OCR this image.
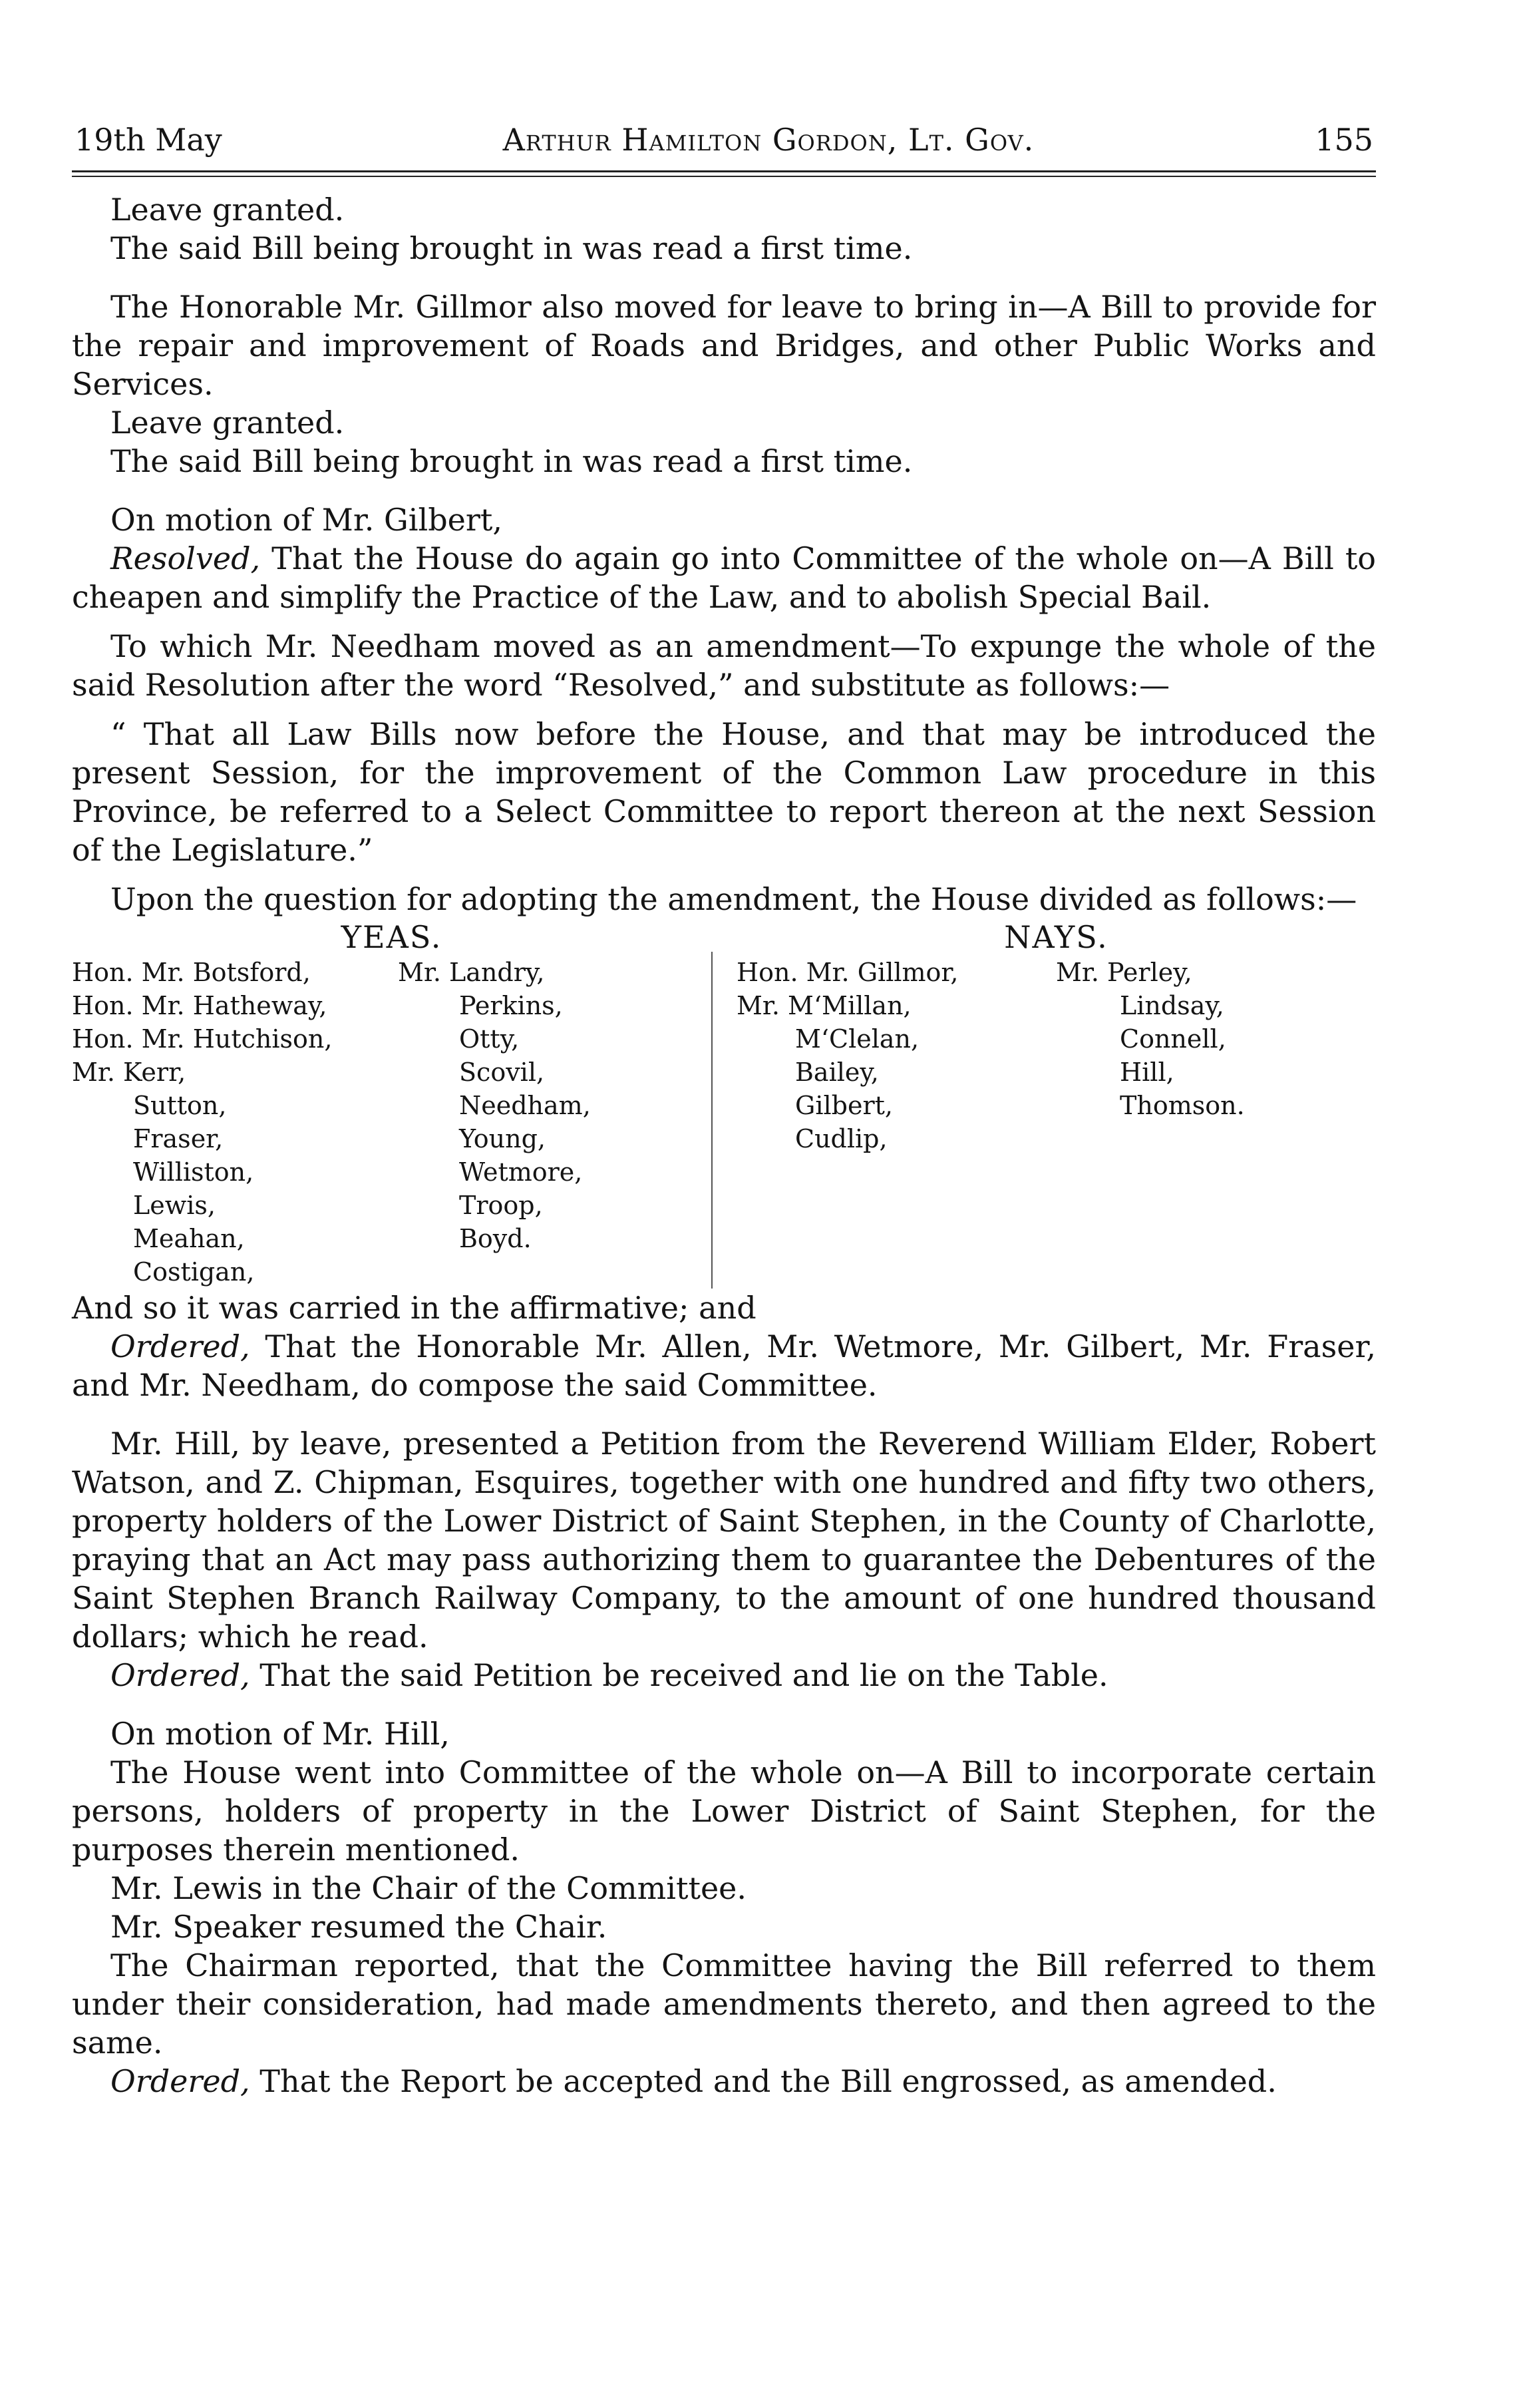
19th May	Arthur Hamilton Gordon, Lt. Gov.	155

Leave granted.

The said Bill being brought in was read a first time.

The Honorable Mr. Gillmor also moved for leave to bring in—A Bill to provide for the repair and improvement of Roads and Bridges, and other Public Works and Services.

Leave granted.

The said Bill being brought in was read a first time.

On motion of Mr. Gilbert,

Resolved, That the House do again go into Committee of the whole on—A Bill to cheapen and simplify the Practice of the Law, and to abolish Special Bail.

To which Mr. Needham moved as an amendment—To expunge the whole of the said Resolution after the word “Resolved,” and substitute as follows:—

“ That all Law Bills now before the House, and that may be introduced the present Session, for the improvement of the Common Law procedure in this Province, be referred to a Select Committee to report thereon at the next Session of the Legislature.”

Upon the question for adopting the amendment, the House divided as follows:—

YEAS.
Hon. Mr. Botsford,
Hon. Mr. Hatheway,
Hon. Mr. Hutchison,
Mr. Kerr,
Sutton,
Fraser,
Williston,
Lewis,
Meahan,
Costigan,
Mr. Landry,
Perkins,
Otty,
Scovil,
Needham,
Young,
Wetmore,
Troop,
Boyd.
NAYS.
Hon. Mr. Gillmor,
Mr. M‘Millan,
M‘Clelan,
Bailey,
Gilbert,
Cudlip,
Mr. Perley,
Lindsay,
Connell,
Hill,
Thomson.

And so it was carried in the affirmative; and

Ordered, That the Honorable Mr. Allen, Mr. Wetmore, Mr. Gilbert, Mr. Fraser, and Mr. Needham, do compose the said Committee.

Mr. Hill, by leave, presented a Petition from the Reverend William Elder, Robert Watson, and Z. Chipman, Esquires, together with one hundred and fifty two others, property holders of the Lower District of Saint Stephen, in the County of Charlotte, praying that an Act may pass authorizing them to guarantee the Debentures of the Saint Stephen Branch Railway Company, to the amount of one hundred thousand dollars; which he read.

Ordered, That the said Petition be received and lie on the Table.

On motion of Mr. Hill,

The House went into Committee of the whole on—A Bill to incorporate certain persons, holders of property in the Lower District of Saint Stephen, for the purposes therein mentioned.

Mr. Lewis in the Chair of the Committee.

Mr. Speaker resumed the Chair.

The Chairman reported, that the Committee having the Bill referred to them under their consideration, had made amendments thereto, and then agreed to the same.

Ordered, That the Report be accepted and the Bill engrossed, as amended.
